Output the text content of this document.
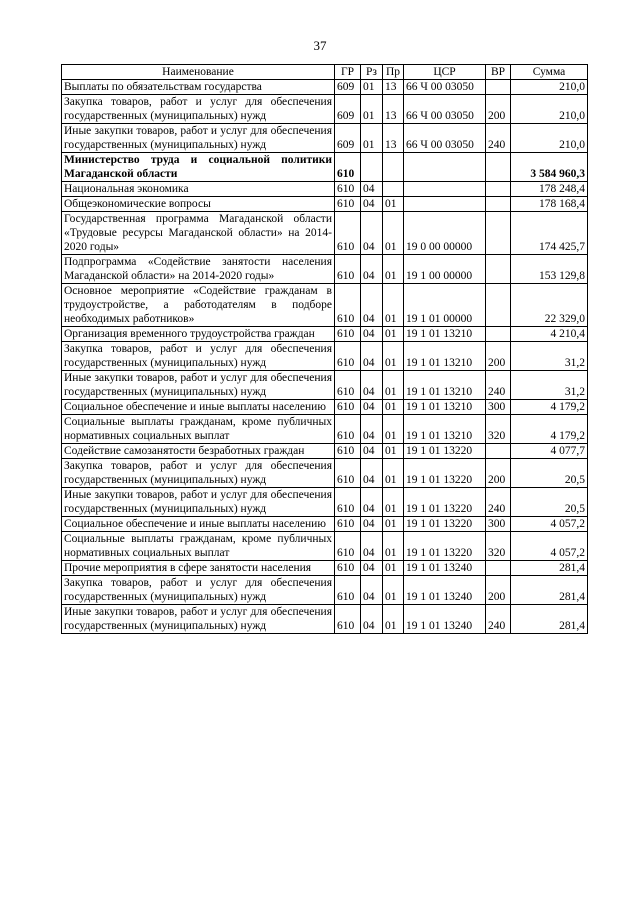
37
Наименование	ГР	Рз	Пр	ЦСР	ВР	Сумма
Выплаты по обязательствам государства	609	01	13	66 Ч 00 03050		210,0
Закупка товаров, работ и услуг для обеспечения государственных (муниципальных) нужд	609	01	13	66 Ч 00 03050	200	210,0
Иные закупки товаров, работ и услуг для обеспечения государственных (муниципальных) нужд	609	01	13	66 Ч 00 03050	240	210,0
Министерство труда и социальной политики Магаданской области	610					3 584 960,3
Национальная экономика	610	04				178 248,4
Общеэкономические вопросы	610	04	01			178 168,4
Государственная программа Магаданской области «Трудовые ресурсы Магаданской области» на 2014-2020 годы»	610	04	01	19 0 00 00000		174 425,7
Подпрограмма «Содействие занятости населения Магаданской области» на 2014-2020 годы»	610	04	01	19 1 00 00000		153 129,8
Основное мероприятие «Содействие гражданам в трудоустройстве, а работодателям в подборе необходимых работников»	610	04	01	19 1 01 00000		22 329,0
Организация временного трудоустройства граждан	610	04	01	19 1 01 13210		4 210,4
Закупка товаров, работ и услуг для обеспечения государственных (муниципальных) нужд	610	04	01	19 1 01 13210	200	31,2
Иные закупки товаров, работ и услуг для обеспечения государственных (муниципальных) нужд	610	04	01	19 1 01 13210	240	31,2
Социальное обеспечение и иные выплаты населению	610	04	01	19 1 01 13210	300	4 179,2
Социальные выплаты гражданам, кроме публичных нормативных социальных выплат	610	04	01	19 1 01 13210	320	4 179,2
Содействие самозанятости безработных граждан	610	04	01	19 1 01 13220		4 077,7
Закупка товаров, работ и услуг для обеспечения государственных (муниципальных) нужд	610	04	01	19 1 01 13220	200	20,5
Иные закупки товаров, работ и услуг для обеспечения государственных (муниципальных) нужд	610	04	01	19 1 01 13220	240	20,5
Социальное обеспечение и иные выплаты населению	610	04	01	19 1 01 13220	300	4 057,2
Социальные выплаты гражданам, кроме публичных нормативных социальных выплат	610	04	01	19 1 01 13220	320	4 057,2
Прочие мероприятия в сфере занятости населения	610	04	01	19 1 01 13240		281,4
Закупка товаров, работ и услуг для обеспечения государственных (муниципальных) нужд	610	04	01	19 1 01 13240	200	281,4
Иные закупки товаров, работ и услуг для обеспечения государственных (муниципальных) нужд	610	04	01	19 1 01 13240	240	281,4
